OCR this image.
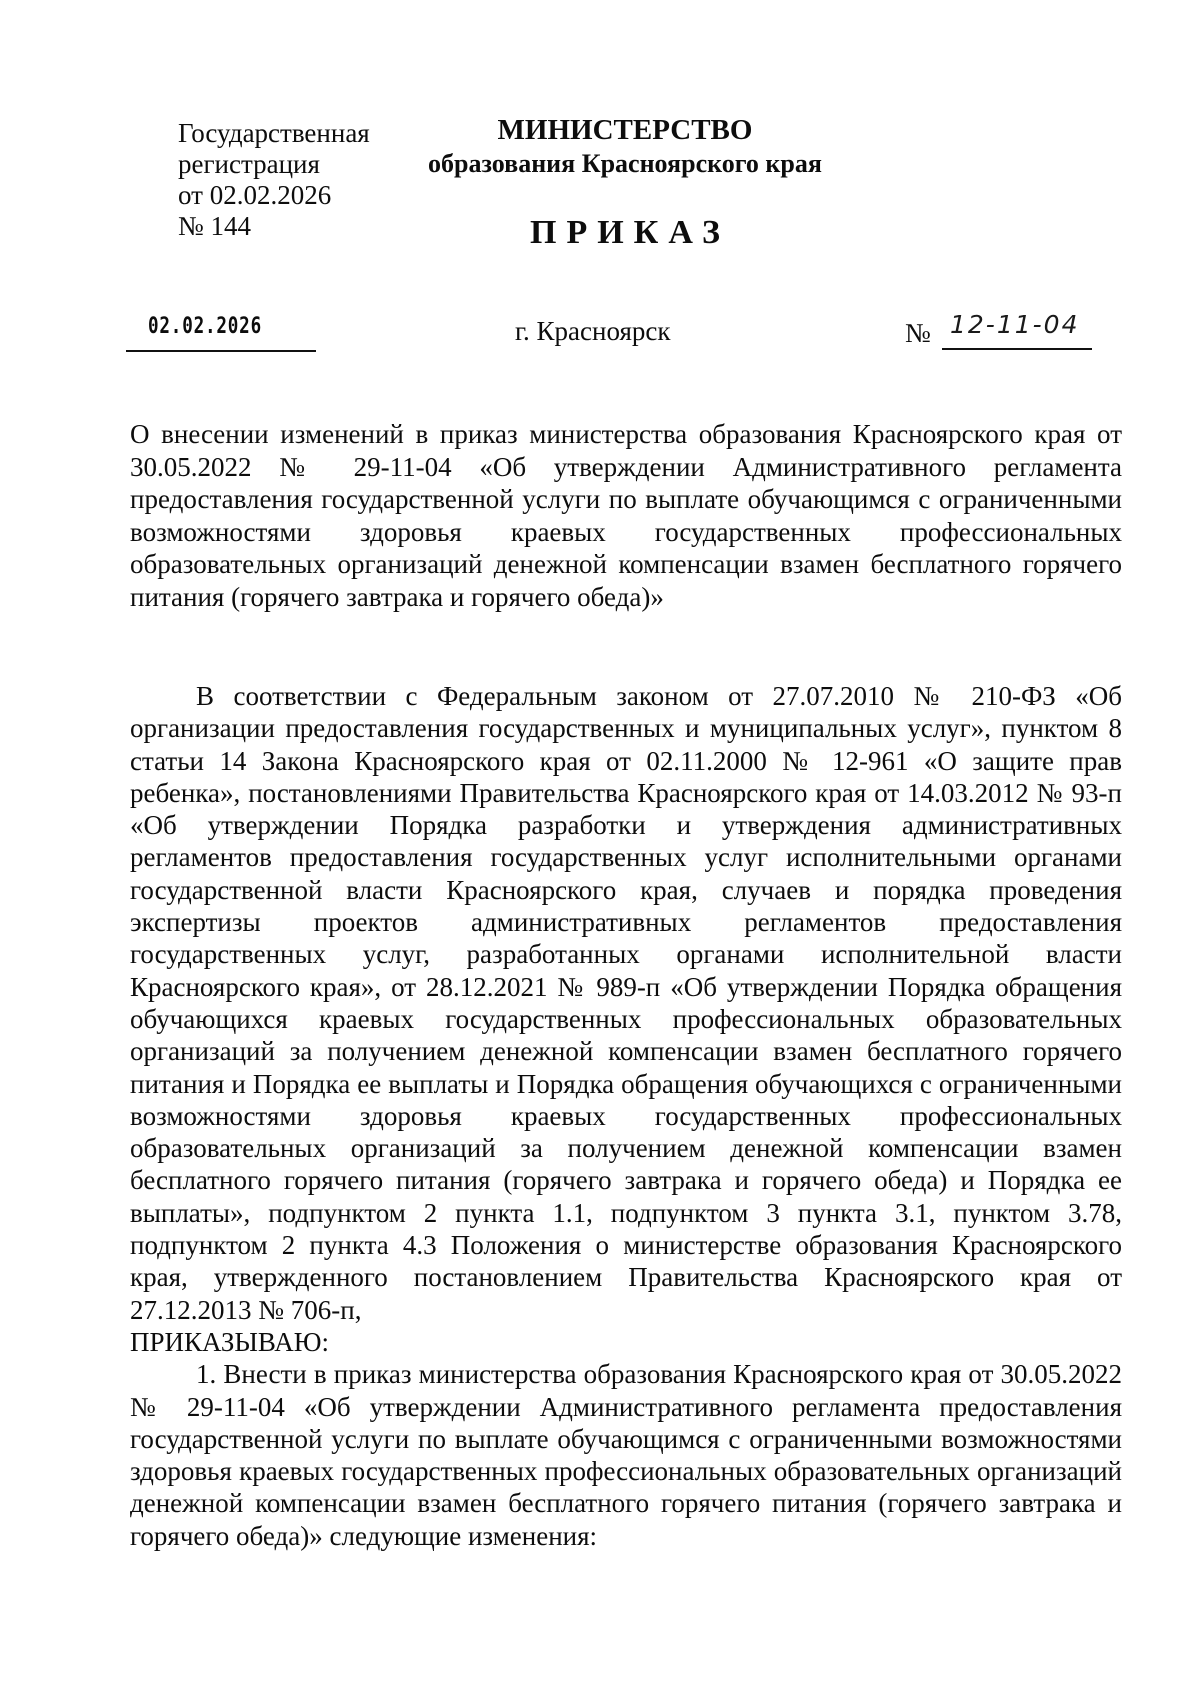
Государственная
регистрация
от 02.02.2026
№ 144
МИНИСТЕРСТВО
образования Красноярского края
ПРИКАЗ
02.02.2026	г. Красноярск	№ 12-11-04
О внесении изменений в приказ министерства образования Красноярского края от 30.05.2022 № 29-11-04 «Об утверждении Административного регламента предоставления государственной услуги по выплате обучающимся с ограниченными возможностями здоровья краевых государственных профессиональных образовательных организаций денежной компенсации взамен бесплатного горячего питания (горячего завтрака и горячего обеда)»

В соответствии с Федеральным законом от 27.07.2010 № 210-ФЗ «Об организации предоставления государственных и муниципальных услуг», пунктом 8 статьи 14 Закона Красноярского края от 02.11.2000 № 12-961 «О защите прав ребенка», постановлениями Правительства Красноярского края от 14.03.2012 № 93-п «Об утверждении Порядка разработки и утверждения административных регламентов предоставления государственных услуг исполнительными органами государственной власти Красноярского края, случаев и порядка проведения экспертизы проектов административных регламентов предоставления государственных услуг, разработанных органами исполнительной власти Красноярского края», от 28.12.2021 № 989-п «Об утверждении Порядка обращения обучающихся краевых государственных профессиональных образовательных организаций за получением денежной компенсации взамен бесплатного горячего питания и Порядка ее выплаты и Порядка обращения обучающихся с ограниченными возможностями здоровья краевых государственных профессиональных образовательных организаций за получением денежной компенсации взамен бесплатного горячего питания (горячего завтрака и горячего обеда) и Порядка ее выплаты», подпунктом 2 пункта 1.1, подпунктом 3 пункта 3.1, пунктом 3.78, подпунктом 2 пункта 4.3 Положения о министерстве образования Красноярского края, утвержденного постановлением Правительства Красноярского края от 27.12.2013 № 706-п,

ПРИКАЗЫВАЮ:

1. Внести в приказ министерства образования Красноярского края от 30.05.2022 № 29-11-04 «Об утверждении Административного регламента предоставления государственной услуги по выплате обучающимся с ограниченными возможностями здоровья краевых государственных профессиональных образовательных организаций денежной компенсации взамен бесплатного горячего питания (горячего завтрака и горячего обеда)» следующие изменения:
